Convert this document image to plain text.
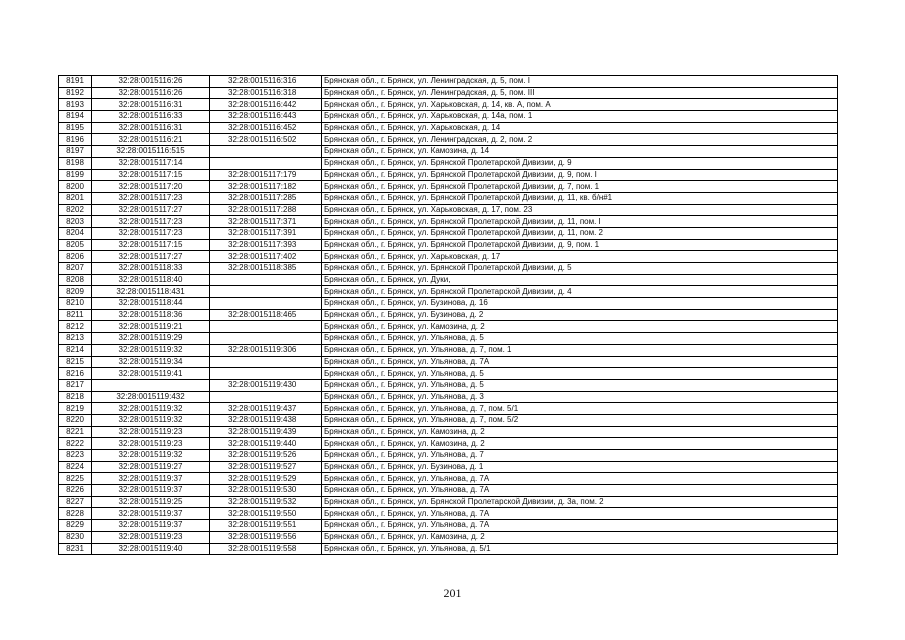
8191	32:28:0015116:26	32:28:0015116:316	Брянская обл., г. Брянск, ул. Ленинградская, д. 5, пом. I
8192	32:28:0015116:26	32:28:0015116:318	Брянская обл., г. Брянск, ул. Ленинградская, д. 5, пом. III
8193	32:28:0015116:31	32:28:0015116:442	Брянская обл., г. Брянск, ул. Харьковская, д. 14, кв. А, пом. А
8194	32:28:0015116:33	32:28:0015116:443	Брянская обл., г. Брянск, ул. Харьковская, д. 14а, пом. 1
8195	32:28:0015116:31	32:28:0015116:452	Брянская обл., г. Брянск, ул. Харьковская, д. 14
8196	32:28:0015116:21	32:28:0015116:502	Брянская обл., г. Брянск, ул. Ленинградская, д. 2, пом. 2
8197	32:28:0015116:515		Брянская обл., г. Брянск, ул. Камозина, д. 14
8198	32:28:0015117:14		Брянская обл., г. Брянск, ул. Брянской Пролетарской Дивизии, д. 9
8199	32:28:0015117:15	32:28:0015117:179	Брянская обл., г. Брянск, ул. Брянской Пролетарской Дивизии, д. 9, пом. I
8200	32:28:0015117:20	32:28:0015117:182	Брянская обл., г. Брянск, ул. Брянской Пролетарской Дивизии, д. 7, пом. 1
8201	32:28:0015117:23	32:28:0015117:285	Брянская обл., г. Брянск, ул. Брянской Пролетарской Дивизии, д. 11, кв. б/н#1
8202	32:28:0015117:27	32:28:0015117:288	Брянская обл., г. Брянск, ул. Харьковская, д. 17, пом. 23
8203	32:28:0015117:23	32:28:0015117:371	Брянская обл., г. Брянск, ул. Брянской Пролетарской Дивизии, д. 11, пом. I
8204	32:28:0015117:23	32:28:0015117:391	Брянская обл., г. Брянск, ул. Брянской Пролетарской Дивизии, д. 11, пом. 2
8205	32:28:0015117:15	32:28:0015117:393	Брянская обл., г. Брянск, ул. Брянской Пролетарской Дивизии, д. 9, пом. 1
8206	32:28:0015117:27	32:28:0015117:402	Брянская обл., г. Брянск, ул. Харьковская, д. 17
8207	32:28:0015118:33	32:28:0015118:385	Брянская обл., г. Брянск, ул. Брянской Пролетарской Дивизии, д. 5
8208	32:28:0015118:40		Брянская обл., г. Брянск, ул. Дуки,
8209	32:28:0015118:431		Брянская обл., г. Брянск, ул. Брянской Пролетарской Дивизии, д. 4
8210	32:28:0015118:44		Брянская обл., г. Брянск, ул. Бузинова, д. 16
8211	32:28:0015118:36	32:28:0015118:465	Брянская обл., г. Брянск, ул. Бузинова, д. 2
8212	32:28:0015119:21		Брянская обл., г. Брянск, ул. Камозина, д. 2
8213	32:28:0015119:29		Брянская обл., г. Брянск, ул. Ульянова, д. 5
8214	32:28:0015119:32	32:28:0015119:306	Брянская обл., г. Брянск, ул. Ульянова, д. 7, пом. 1
8215	32:28:0015119:34		Брянская обл., г. Брянск, ул. Ульянова, д. 7А
8216	32:28:0015119:41		Брянская обл., г. Брянск, ул. Ульянова, д. 5
8217		32:28:0015119:430	Брянская обл., г. Брянск, ул. Ульянова, д. 5
8218	32:28:0015119:432		Брянская обл., г. Брянск, ул. Ульянова, д. 3
8219	32:28:0015119:32	32:28:0015119:437	Брянская обл., г. Брянск, ул. Ульянова, д. 7, пом. 5/1
8220	32:28:0015119:32	32:28:0015119:438	Брянская обл., г. Брянск, ул. Ульянова, д. 7, пом. 5/2
8221	32:28:0015119:23	32:28:0015119:439	Брянская обл., г. Брянск, ул. Камозина, д. 2
8222	32:28:0015119:23	32:28:0015119:440	Брянская обл., г. Брянск, ул. Камозина, д. 2
8223	32:28:0015119:32	32:28:0015119:526	Брянская обл., г. Брянск, ул. Ульянова, д. 7
8224	32:28:0015119:27	32:28:0015119:527	Брянская обл., г. Брянск, ул. Бузинова, д. 1
8225	32:28:0015119:37	32:28:0015119:529	Брянская обл., г. Брянск, ул. Ульянова, д. 7А
8226	32:28:0015119:37	32:28:0015119:530	Брянская обл., г. Брянск, ул. Ульянова, д. 7А
8227	32:28:0015119:25	32:28:0015119:532	Брянская обл., г. Брянск, ул. Брянской Пролетарской Дивизии, д. 3а, пом. 2
8228	32:28:0015119:37	32:28:0015119:550	Брянская обл., г. Брянск, ул. Ульянова, д. 7А
8229	32:28:0015119:37	32:28:0015119:551	Брянская обл., г. Брянск, ул. Ульянова, д. 7А
8230	32:28:0015119:23	32:28:0015119:556	Брянская обл., г. Брянск, ул. Камозина, д. 2
8231	32:28:0015119:40	32:28:0015119:558	Брянская обл., г. Брянск, ул. Ульянова, д. 5/1
201
